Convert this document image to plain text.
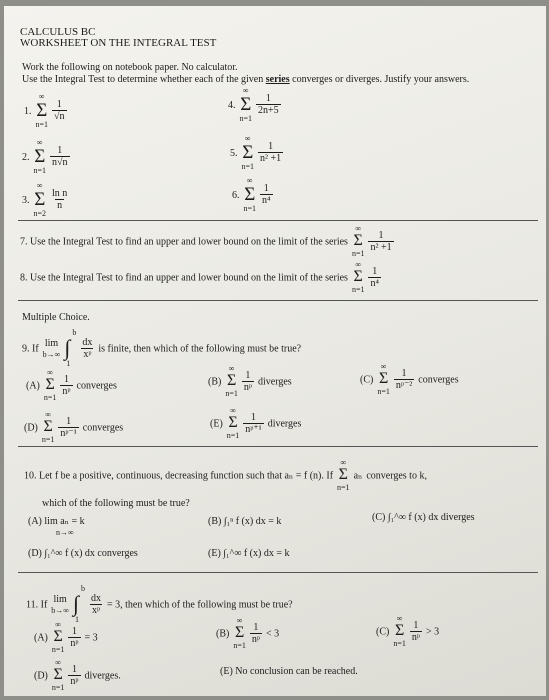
CALCULUS BC
WORKSHEET ON THE INTEGRAL TEST
Work the following on notebook paper. No calculator.
Use the Integral Test to determine whether each of the given series converges or diverges. Justify your answers.
1.
∞
Σ
n=1

$\frac{1}{√n}$
2.
∞
Σ
n=1

$\frac{1}{n√n}$
3.
∞
Σ
n=2

$\frac{\text{ln n}}{n}$
4.
∞
Σ
n=1

$\frac{1}{2n+5}$
5.
∞
Σ
n=1

$\frac{1}{\text{n² +1}}$
6.
∞
Σ
n=1

$\frac{1}{\text{n⁴}}$
7. Use the Integral Test to find an upper and lower bound on the limit of the series
∞
Σ
n=1

$\frac{1}{\text{n² +1}}$
8. Use the Integral Test to find an upper and lower bound on the limit of the series
∞
Σ
n=1

$\frac{1}{\text{n⁴}}$
Multiple Choice.
9. If
lim
b→∞

b
∫
1

$\frac{dx}{\text{xᵖ}}$ is finite, then which of the following must be true?
(A)
∞
Σ
n=1

$\frac{1}{\text{nᵖ}}$ converges	(B)
∞
Σ
n=1

$\frac{1}{\text{nᵖ}}$ diverges	(C)
∞
Σ
n=1

$\frac{1}{\text{nᵖ⁻²}}$ converges
(D)
∞
Σ
n=1

$\frac{1}{\text{nᵖ⁻¹}}$ converges	(E)
∞
Σ
n=1

$\frac{1}{\text{nᵖ⁺¹}}$ diverges
10. Let f be a positive, continuous, decreasing function such that aₙ = f (n). If
∞
Σ
n=1
aₙ converges to k,
which of the following must be true?
(A) lim aₙ = k
n→∞
(B) ∫₁ⁿ f (x) dx = k	(C) ∫₁^∞ f (x) dx diverges
(D) ∫₁^∞ f (x) dx converges	(E) ∫₁^∞ f (x) dx = k
11. If
lim
b→∞

b
∫
1

$\frac{dx}{\text{xᵖ}} = 3$, then which of the following must be true?
(A)
∞
Σ
n=1

$\frac{1}{\text{nᵖ}} = 3$	(B)
∞
Σ
n=1

$\frac{1}{\text{nᵖ}} < 3$	(C)
∞
Σ
n=1

$\frac{1}{\text{nᵖ}} > 3$
(D)
∞
Σ
n=1

$\frac{1}{\text{nᵖ}}$ diverges.	(E) No conclusion can be reached.
